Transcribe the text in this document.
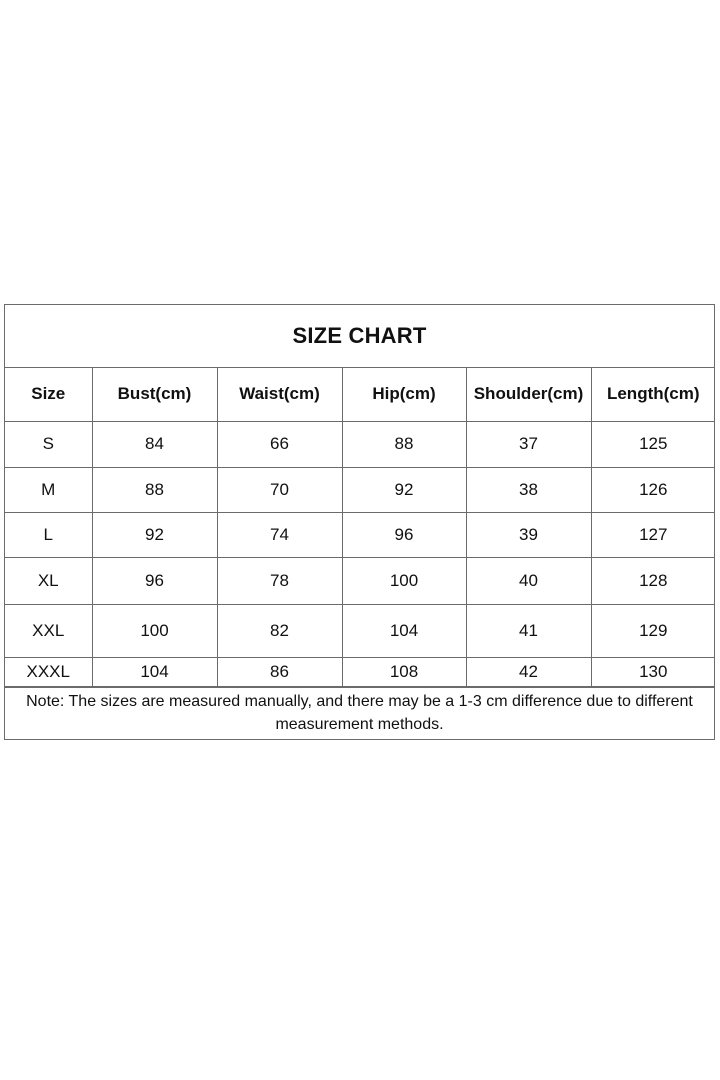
SIZE CHART
Size	Bust(cm)	Waist(cm)	Hip(cm)	Shoulder(cm)	Length(cm)
S	84	66	88	37	125
M	88	70	92	38	126
L	92	74	96	39	127
XL	96	78	100	40	128
XXL	100	82	104	41	129
XXXL	104	86	108	42	130
Note: The sizes are measured manually, and there may be a 1-3 cm difference due to different measurement methods.
